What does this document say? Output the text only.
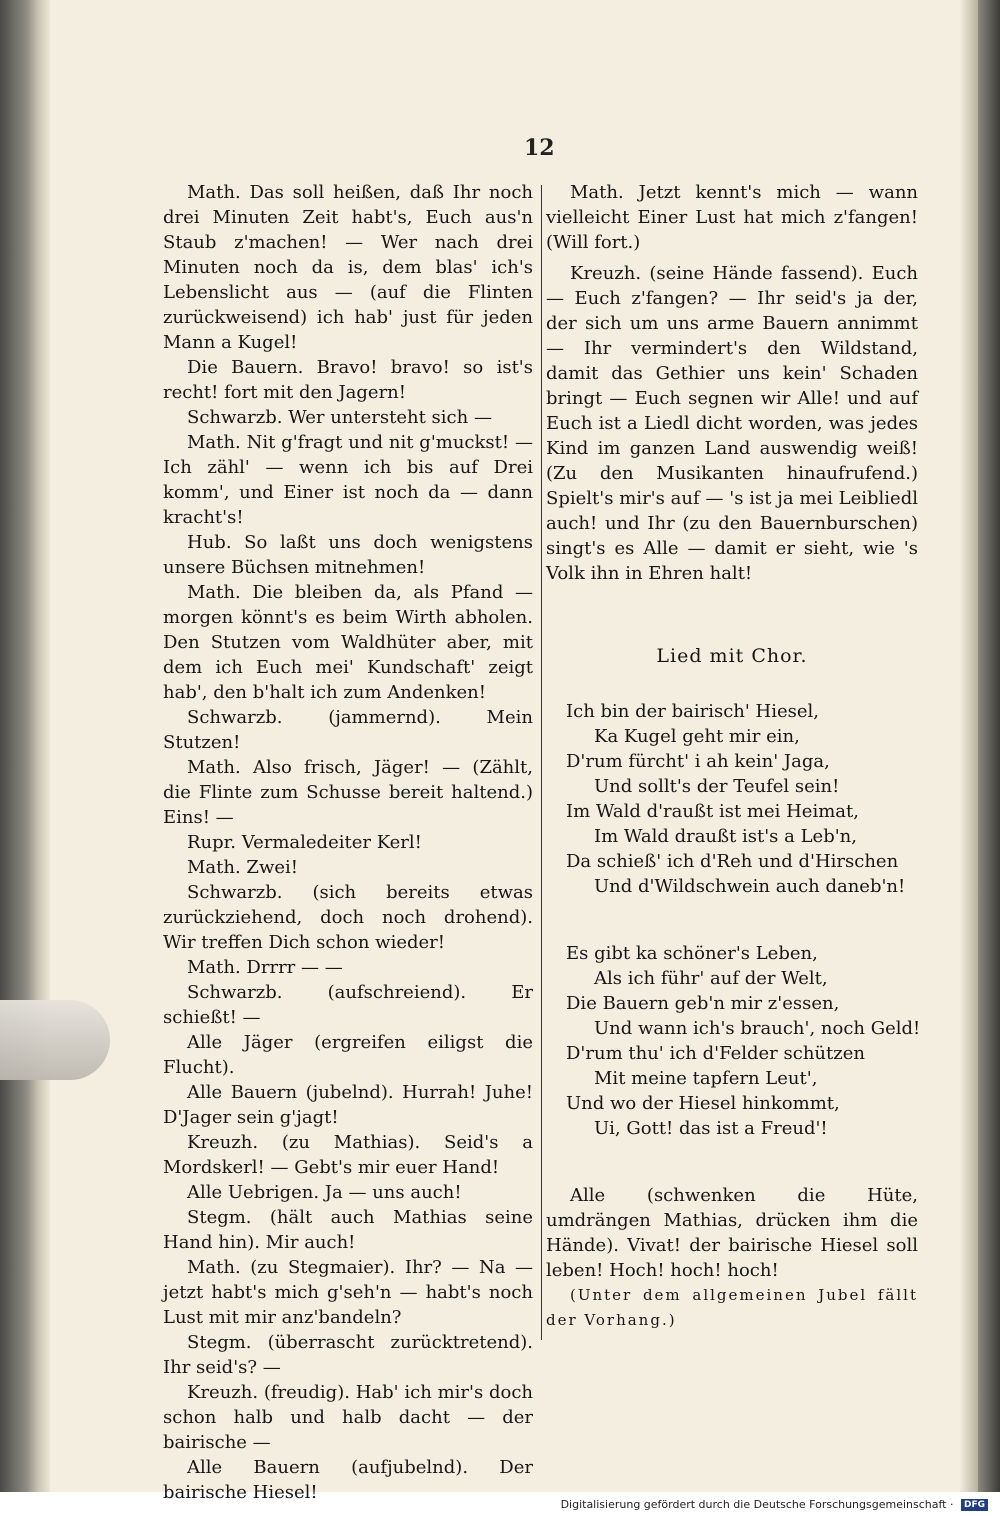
12

Math. Das soll heißen, daß Ihr noch drei Minuten Zeit habt's, Euch aus'n Staub z'machen! — Wer nach drei Minuten noch da is, dem blas' ich's Lebenslicht aus — (auf die Flinten zurückweisend) ich hab' just für jeden Mann a Kugel!

Die Bauern. Bravo! bravo! so ist's recht! fort mit den Jagern!

Schwarzb. Wer untersteht sich —

Math. Nit g'fragt und nit g'muckst! — Ich zähl' — wenn ich bis auf Drei komm', und Einer ist noch da — dann kracht's!

Hub. So laßt uns doch wenigstens unsere Büchsen mitnehmen!

Math. Die bleiben da, als Pfand — morgen könnt's es beim Wirth abholen. Den Stutzen vom Waldhüter aber, mit dem ich Euch mei' Kundschaft' zeigt hab', den b'halt ich zum Andenken!

Schwarzb. (jammernd). Mein Stutzen!

Math. Also frisch, Jäger! — (Zählt, die Flinte zum Schusse bereit haltend.) Eins! —

Rupr. Vermaledeiter Kerl!

Math. Zwei!

Schwarzb. (sich bereits etwas zurückziehend, doch noch drohend). Wir treffen Dich schon wieder!

Math. Drrrr — —

Schwarzb. (aufschreiend). Er schießt! —

Alle Jäger (ergreifen eiligst die Flucht).

Alle Bauern (jubelnd). Hurrah! Juhe! D'Jager sein g'jagt!

Kreuzh. (zu Mathias). Seid's a Mordskerl! — Gebt's mir euer Hand!

Alle Uebrigen. Ja — uns auch!

Stegm. (hält auch Mathias seine Hand hin). Mir auch!

Math. (zu Stegmaier). Ihr? — Na — jetzt habt's mich g'seh'n — habt's noch Lust mit mir anz'bandeln?

Stegm. (überrascht zurücktretend). Ihr seid's? —

Kreuzh. (freudig). Hab' ich mir's doch schon halb und halb dacht — der bairische —

Alle Bauern (aufjubelnd). Der bairische Hiesel!

Math. Jetzt kennt's mich — wann vielleicht Einer Lust hat mich z'fangen! (Will fort.)

Kreuzh. (seine Hände fassend). Euch — Euch z'fangen? — Ihr seid's ja der, der sich um uns arme Bauern annimmt — Ihr vermindert's den Wildstand, damit das Gethier uns kein' Schaden bringt — Euch segnen wir Alle! und auf Euch ist a Liedl dicht worden, was jedes Kind im ganzen Land auswendig weiß! (Zu den Musikanten hinaufrufend.) Spielt's mir's auf — 's ist ja mei Leibliedl auch! und Ihr (zu den Bauernburschen) singt's es Alle — damit er sieht, wie 's Volk ihn in Ehren halt!

Lied mit Chor.
Ich bin der bairisch' Hiesel,
Ka Kugel geht mir ein,
D'rum fürcht' i ah kein' Jaga,
Und sollt's der Teufel sein!
Im Wald d'raußt ist mei Heimat,
Im Wald draußt ist's a Leb'n,
Da schieß' ich d'Reh und d'Hirschen
Und d'Wildschwein auch daneb'n!
Es gibt ka schöner's Leben,
Als ich führ' auf der Welt,
Die Bauern geb'n mir z'essen,
Und wann ich's brauch', noch Geld!
D'rum thu' ich d'Felder schützen
Mit meine tapfern Leut',
Und wo der Hiesel hinkommt,
Ui, Gott! das ist a Freud'!

Alle (schwenken die Hüte, umdrängen Mathias, drücken ihm die Hände). Vivat! der bairische Hiesel soll leben! Hoch! hoch! hoch!

(Unter dem allgemeinen Jubel fällt der Vorhang.)

Digitalisierung gefördert durch die Deutsche Forschungsgemeinschaft · DFG
